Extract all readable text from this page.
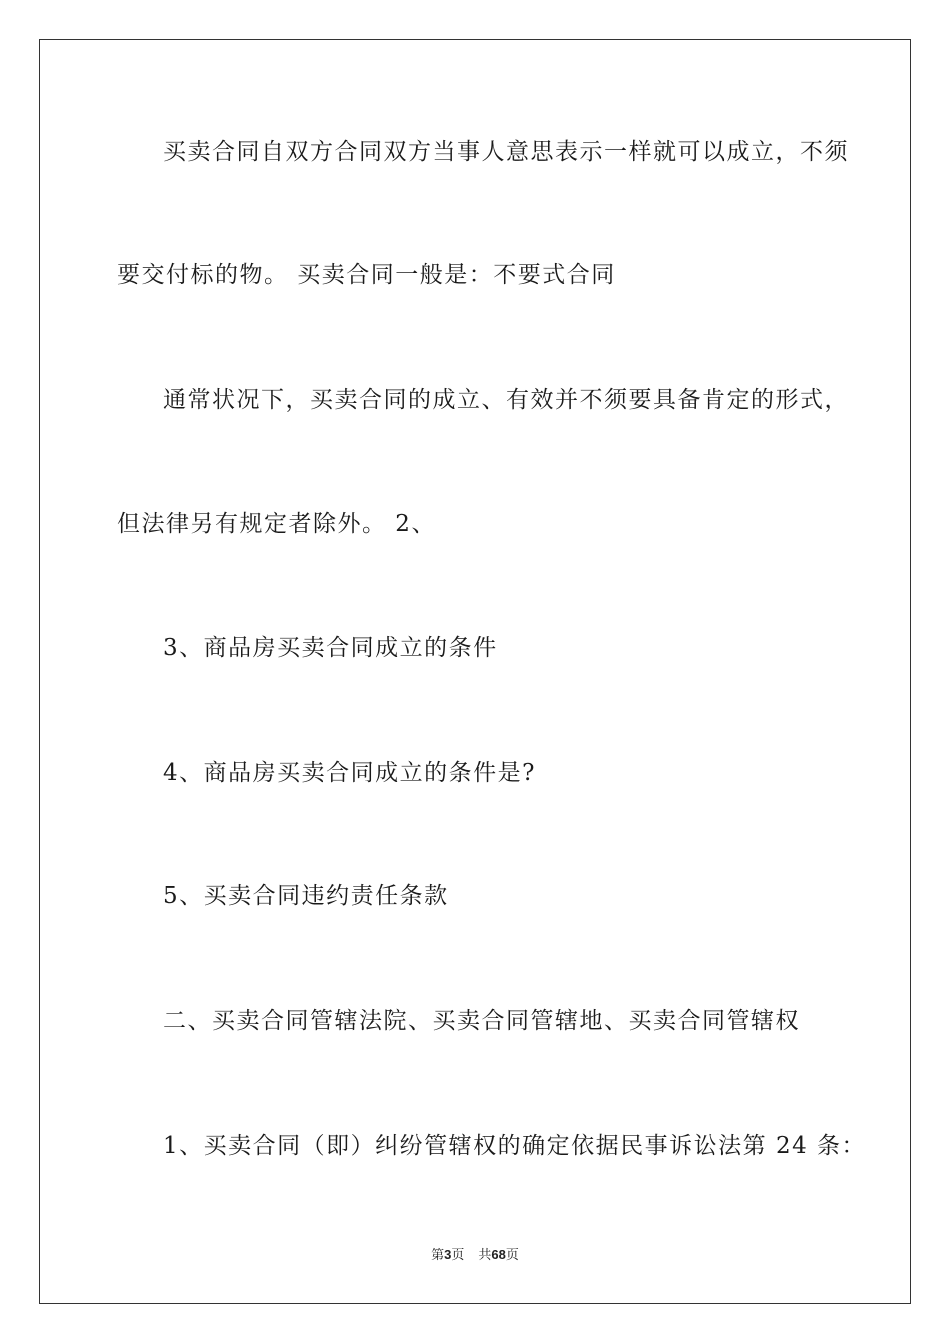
买卖合同自双方合同双方当事人意思表示一样就可以成立，不须
要交付标的物。 买卖合同一般是：不要式合同
通常状况下，买卖合同的成立、有效并不须要具备肯定的形式，
但法律另有规定者除外。 2、
3、商品房买卖合同成立的条件
4、商品房买卖合同成立的条件是?
5、买卖合同违约责任条款
二、买卖合同管辖法院、买卖合同管辖地、买卖合同管辖权
1、买卖合同（即）纠纷管辖权的确定依据民事诉讼法第 24 条：
第3页 共68页
